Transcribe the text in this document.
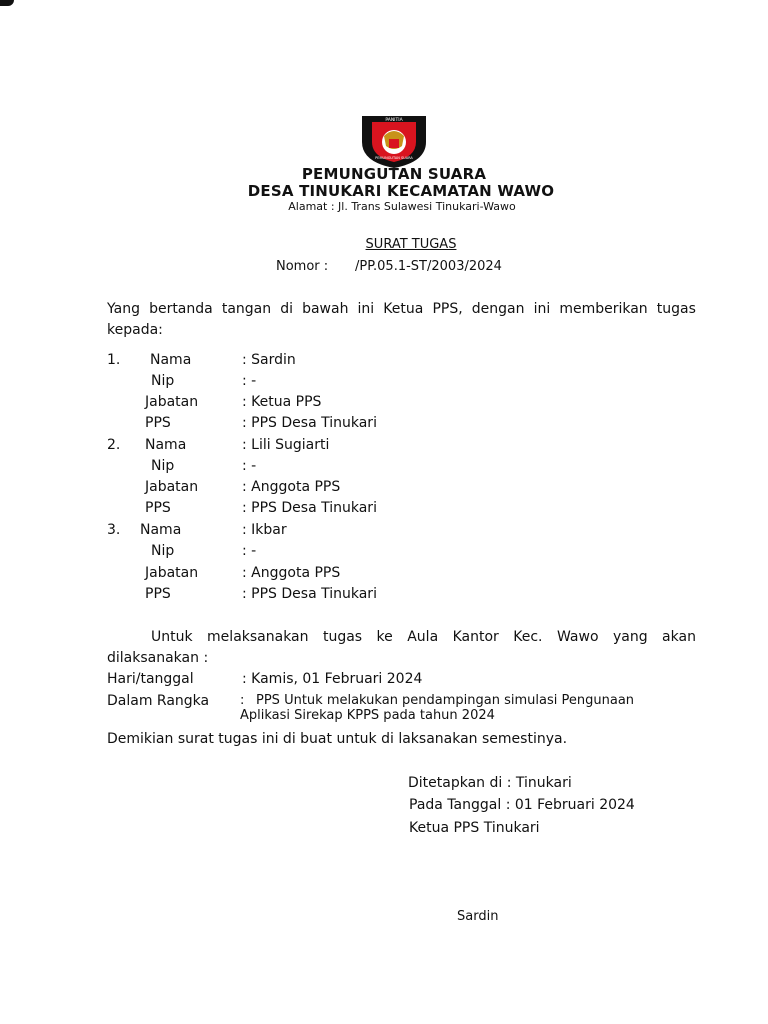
PANITIA
PEMUNGUTAN SUARA
PEMUNGUTAN SUARA
DESA TINUKARI KECAMATAN WAWO
Alamat : Jl. Trans Sulawesi Tinukari-Wawo
SURAT TUGAS
Nomor : /PP.05.1-ST/2003/2024
Yang bertanda tangan di bawah ini Ketua PPS, dengan ini memberikan tugas
kepada:
1. Nama	: Sardin
Nip	: -
Jabatan	: Ketua PPS
PPS	: PPS Desa Tinukari
2. Nama	: Lili Sugiarti
Nip	: -
Jabatan	: Anggota PPS
PPS	: PPS Desa Tinukari
3. Nama	: Ikbar
Nip	: -
Jabatan	: Anggota PPS
PPS	: PPS Desa Tinukari
Untuk melaksanakan tugas ke Aula Kantor Kec. Wawo yang akan
dilaksanakan :
Hari/tanggal	: Kamis, 01 Februari 2024
Dalam Rangka : PPS Untuk melakukan pendampingan simulasi Pengunaan
Aplikasi Sirekap KPPS pada tahun 2024
Demikian surat tugas ini di buat untuk di laksanakan semestinya.
Ditetapkan di : Tinukari
Pada Tanggal : 01 Februari 2024
Ketua PPS Tinukari
Sardin
